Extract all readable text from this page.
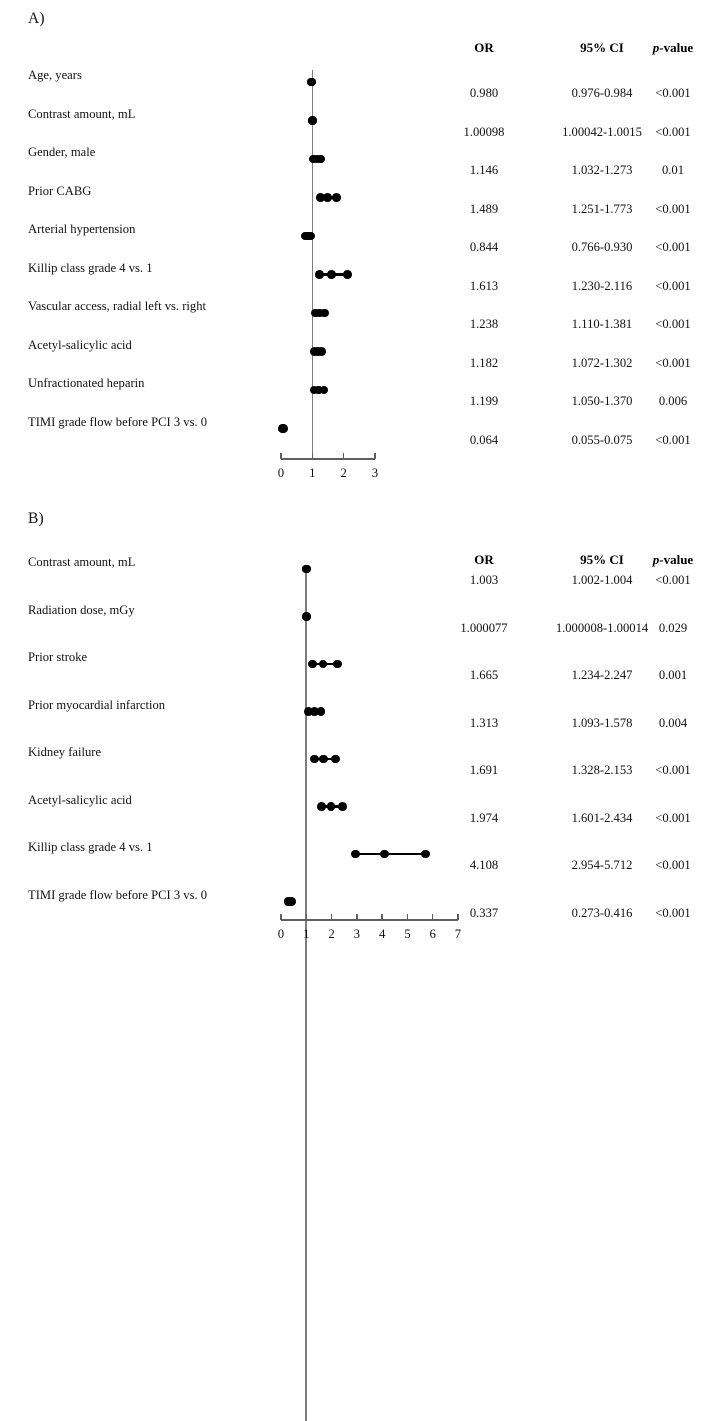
A)
OR	95% CI	p-value
Age, years
0.980	0.976-0.984	<0.001
Contrast amount, mL
1.00098	1.00042-1.0015	<0.001
Gender, male
1.146	1.032-1.273	0.01
Prior CABG
1.489	1.251-1.773	<0.001
Arterial hypertension
0.844	0.766-0.930	<0.001
Killip class grade 4 vs. 1
1.613	1.230-2.116	<0.001
Vascular access, radial left vs. right
1.238	1.110-1.381	<0.001
Acetyl-salicylic acid
1.182	1.072-1.302	<0.001
Unfractionated heparin
1.199	1.050-1.370	0.006
TIMI grade flow before PCI 3 vs. 0
0.064	0.055-0.075	<0.001
0	1	2	3
B)
OR	95% CI	p-value
Contrast amount, mL
1.003	1.002-1.004	<0.001
Radiation dose, mGy
1.000077	1.000008-1.00014 0.029
Prior stroke
1.665	1.234-2.247	0.001
Prior myocardial infarction
1.313	1.093-1.578	0.004
Kidney failure
1.691	1.328-2.153	<0.001
Acetyl-salicylic acid
1.974	1.601-2.434	<0.001
Killip class grade 4 vs. 1
4.108	2.954-5.712	<0.001
TIMI grade flow before PCI 3 vs. 0
0.337	0.273-0.416	<0.001
0	1	2	3	4	5	6	7
